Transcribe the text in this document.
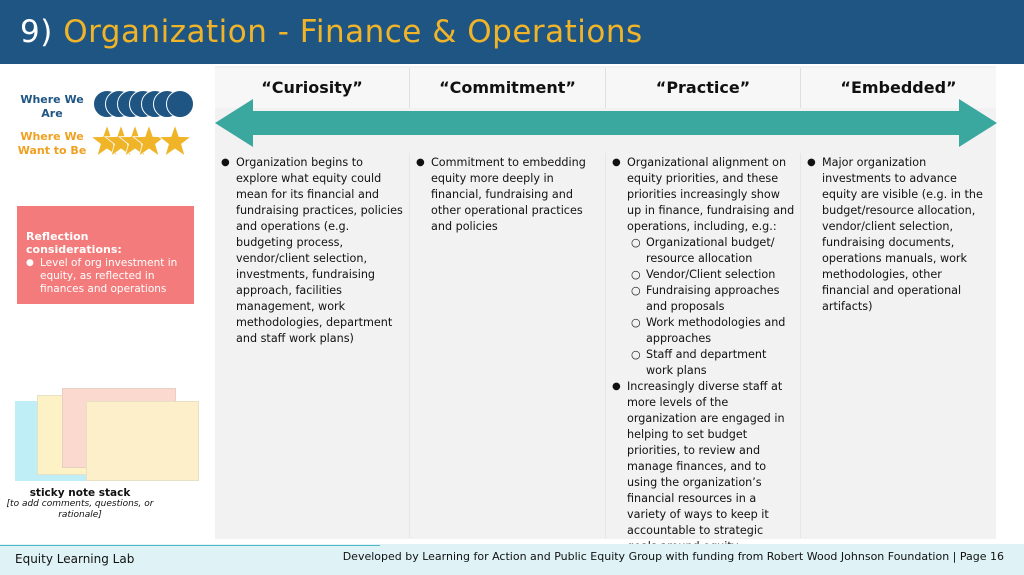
9) Organization - Finance & Operations
Where We Are
Where We Want to Be
Reflection considerations:
● Level of org investment in equity, as reflected in finances and operations
sticky note stack
[to add comments, questions, or rationale]
“Curiosity”	“Commitment”	“Practice”	“Embedded”
● Organization begins to explore what equity could mean for its financial and fundraising practices, policies and operations (e.g. budgeting process, vendor/client selection, investments, fundraising approach, facilities management, work methodologies, department and staff work plans)
● Commitment to embedding equity more deeply in financial, fundraising and other operational practices and policies
● Organizational alignment on equity priorities, and these priorities increasingly show up in finance, fundraising and operations, including, e.g.:
○ Organizational budget/ resource allocation
○ Vendor/Client selection
○ Fundraising approaches and proposals
○ Work methodologies and approaches
○ Staff and department work plans
● Increasingly diverse staff at more levels of the organization are engaged in helping to set budget priorities, to review and manage finances, and to using the organization’s financial resources in a variety of ways to keep it accountable to strategic
● Major organization investments to advance equity are visible (e.g. in the budget/resource allocation, vendor/client selection, fundraising documents, operations manuals, work methodologies, other financial and operational artifacts)
Equity Learning Lab	Developed by Learning for Action and Public Equity Group with funding from Robert Wood Johnson Foundation | Page 16
